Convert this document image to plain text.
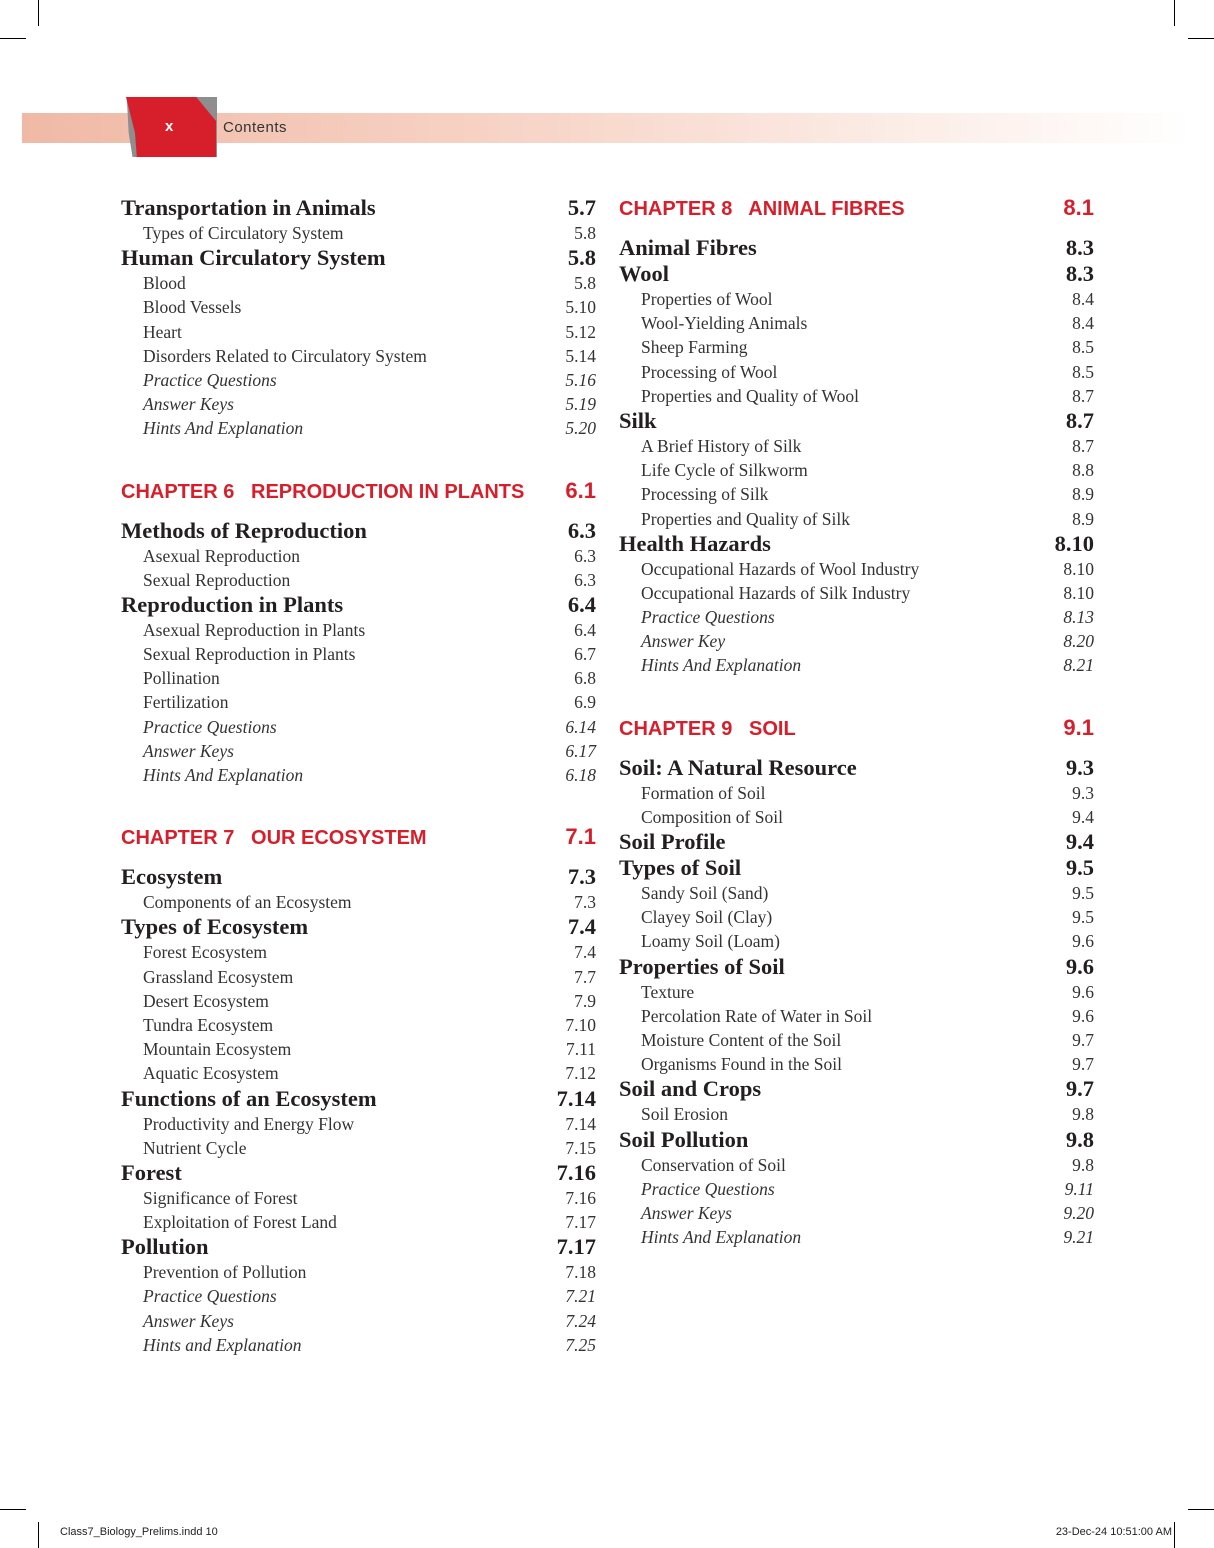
x	Contents
Transportation in Animals	5.7
Types of Circulatory System	5.8
Human Circulatory System	5.8
Blood	5.8
Blood Vessels	5.10
Heart	5.12
Disorders Related to Circulatory System	5.14
Practice Questions	5.16
Answer Keys	5.19
Hints And Explanation	5.20
CHAPTER 6   REPRODUCTION IN PLANTS 6.1
Methods of Reproduction	6.3
Asexual Reproduction	6.3
Sexual Reproduction	6.3
Reproduction in Plants	6.4
Asexual Reproduction in Plants	6.4
Sexual Reproduction in Plants	6.7
Pollination	6.8
Fertilization	6.9
Practice Questions	6.14
Answer Keys	6.17
Hints And Explanation	6.18
CHAPTER 7   OUR ECOSYSTEM	7.1
Ecosystem	7.3
Components of an Ecosystem	7.3
Types of Ecosystem	7.4
Forest Ecosystem	7.4
Grassland Ecosystem	7.7
Desert Ecosystem	7.9
Tundra Ecosystem	7.10
Mountain Ecosystem	7.11
Aquatic Ecosystem	7.12
Functions of an Ecosystem	7.14
Productivity and Energy Flow	7.14
Nutrient Cycle	7.15
Forest	7.16
Significance of Forest	7.16
Exploitation of Forest Land	7.17
Pollution	7.17
Prevention of Pollution	7.18
Practice Questions	7.21
Answer Keys	7.24
Hints and Explanation	7.25
CHAPTER 8   ANIMAL FIBRES	8.1
Animal Fibres	8.3
Wool	8.3
Properties of Wool	8.4
Wool-Yielding Animals	8.4
Sheep Farming	8.5
Processing of Wool	8.5
Properties and Quality of Wool	8.7
Silk	8.7
A Brief History of Silk	8.7
Life Cycle of Silkworm	8.8
Processing of Silk	8.9
Properties and Quality of Silk	8.9
Health Hazards	8.10
Occupational Hazards of Wool Industry	8.10
Occupational Hazards of Silk Industry	8.10
Practice Questions	8.13
Answer Key	8.20
Hints And Explanation	8.21
CHAPTER 9   SOIL	9.1
Soil: A Natural Resource	9.3
Formation of Soil	9.3
Composition of Soil	9.4
Soil Profile	9.4
Types of Soil	9.5
Sandy Soil (Sand)	9.5
Clayey Soil (Clay)	9.5
Loamy Soil (Loam)	9.6
Properties of Soil	9.6
Texture	9.6
Percolation Rate of Water in Soil	9.6
Moisture Content of the Soil	9.7
Organisms Found in the Soil	9.7
Soil and Crops	9.7
Soil Erosion	9.8
Soil Pollution	9.8
Conservation of Soil	9.8
Practice Questions	9.11
Answer Keys	9.20
Hints And Explanation	9.21
Class7_Biology_Prelims.indd 10	23-Dec-24 10:51:00 AM
